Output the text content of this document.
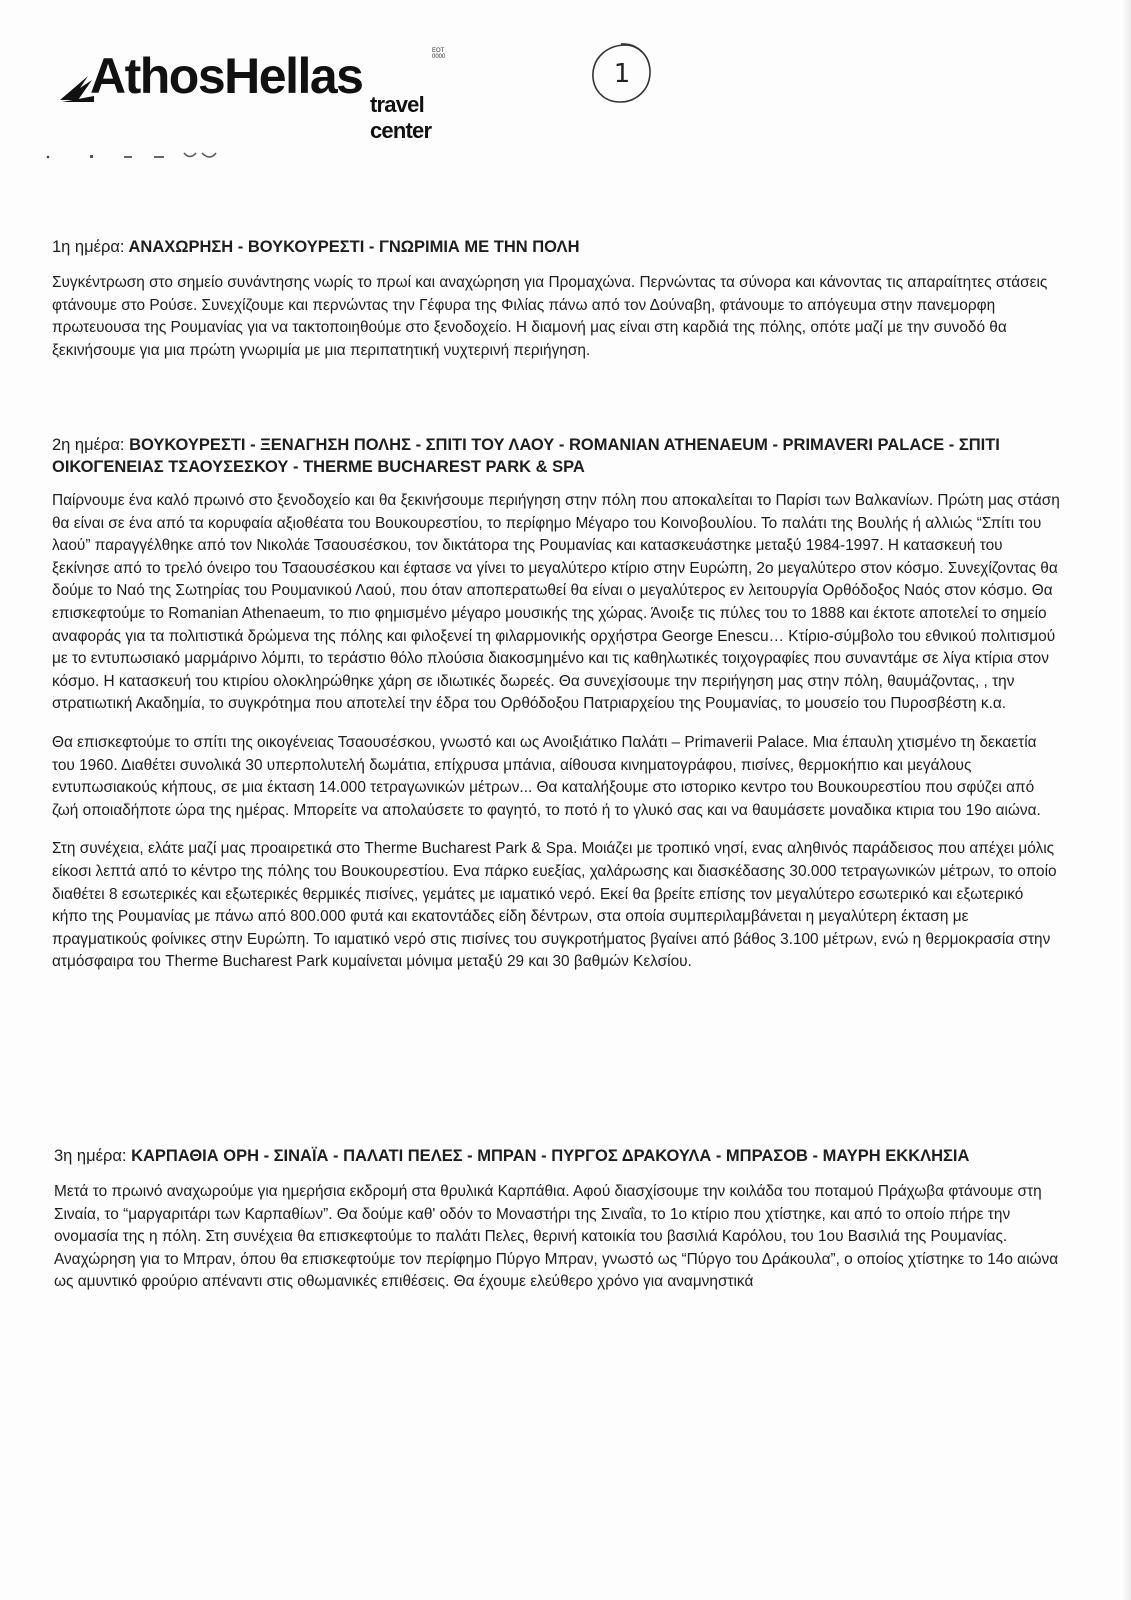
AthosHellas	ΕΟΤ 0000
travel center
1
1η ημέρα: ΑΝΑΧΩΡΗΣΗ - ΒΟΥΚΟΥΡΕΣΤΙ - ΓΝΩΡΙΜΙΑ ΜΕ ΤΗΝ ΠΟΛΗ

Συγκέντρωση στο σημείο συνάντησης νωρίς το πρωί και αναχώρηση για Προμαχώνα. Περνώντας τα σύνορα και κάνοντας τις απαραίτητες στάσεις φτάνουμε στο Ρούσε. Συνεχίζουμε και περνώντας την Γέφυρα της Φιλίας πάνω από τον Δούναβη, φτάνουμε το απόγευμα στην πανεμορφη πρωτευουσα της Ρουμανίας για να τακτοποιηθούμε στο ξενοδοχείο. Η διαμονή μας είναι στη καρδιά της πόλης, οπότε μαζί με την συνοδό θα ξεκινήσουμε για μια πρώτη γνωριμία με μια περιπατητική νυχτερινή περιήγηση.

2η ημέρα: ΒΟΥΚΟΥΡΕΣΤΙ - ΞΕΝΑΓΗΣΗ ΠΟΛΗΣ - ΣΠΙΤΙ ΤΟΥ ΛΑΟΥ - ROMANIAN ATHENAEUM - PRIMAVERI PALACE - ΣΠΙΤΙ ΟΙΚΟΓΕΝΕΙΑΣ ΤΣΑΟΥΣΕΣΚΟΥ - THERME BUCHAREST PARK & SPA

Παίρνουμε ένα καλό πρωινό στο ξενοδοχείο και θα ξεκινήσουμε περιήγηση στην πόλη που αποκαλείται το Παρίσι των Βαλκανίων. Πρώτη μας στάση θα είναι σε ένα από τα κορυφαία αξιοθέατα του Βουκουρεστίου, το περίφημο Μέγαρο του Κοινοβουλίου. Το παλάτι της Βουλής ή αλλιώς “Σπίτι του λαού” παραγγέλθηκε από τον Νικολάε Τσαουσέσκου, τον δικτάτορα της Ρουμανίας και κατασκευάστηκε μεταξύ 1984-1997. Η κατασκευή του ξεκίνησε από το τρελό όνειρο του Τσαουσέσκου και έφτασε να γίνει το μεγαλύτερο κτίριο στην Ευρώπη, 2ο μεγαλύτερο στον κόσμο. Συνεχίζοντας θα δούμε το Ναό της Σωτηρίας του Ρουμανικού Λαού, που όταν αποπερατωθεί θα είναι ο μεγαλύτερος εν λειτουργία Ορθόδοξος Ναός στον κόσμο. Θα επισκεφτούμε το Romanian Athenaeum, το πιο φημισμένο μέγαρο μουσικής της χώρας. Άνοιξε τις πύλες του το 1888 και έκτοτε αποτελεί το σημείο αναφοράς για τα πολιτιστικά δρώμενα της πόλης και φιλοξενεί τη φιλαρμονικής ορχήστρα George Enescu… Κτίριο-σύμβολο του εθνικού πολιτισμού με το εντυπωσιακό μαρμάρινο λόμπι, το τεράστιο θόλο πλούσια διακοσμημένο και τις καθηλωτικές τοιχογραφίες που συναντάμε σε λίγα κτίρια στον κόσμο. Η κατασκευή του κτιρίου ολοκληρώθηκε χάρη σε ιδιωτικές δωρεές. Θα συνεχίσουμε την περιήγηση μας στην πόλη, θαυμάζοντας, , την στρατιωτική Ακαδημία, το συγκρότημα που αποτελεί την έδρα του Ορθόδοξου Πατριαρχείου της Ρουμανίας, το μουσείο του Πυροσβέστη κ.α.

Θα επισκεφτούμε το σπίτι της οικογένειας Τσαουσέσκου, γνωστό και ως Ανοιξιάτικο Παλάτι – Primaverii Palace. Μια έπαυλη χτισμένο τη δεκαετία του 1960. Διαθέτει συνολικά 30 υπερπολυτελή δωμάτια, επίχρυσα μπάνια, αίθουσα κινηματογράφου, πισίνες, θερμοκήπιο και μεγάλους εντυπωσιακούς κήπους, σε μια έκταση 14.000 τετραγωνικών μέτρων... Θα καταλήξουμε στο ιστορικο κεντρο του Βουκουρεστίου που σφύζει από ζωή οποιαδήποτε ώρα της ημέρας. Μπορείτε να απολαύσετε το φαγητό, το ποτό ή το γλυκό σας και να θαυμάσετε μοναδικα κτιρια του 19ο αιώνα.

Στη συνέχεια, ελάτε μαζί μας προαιρετικά στο Therme Bucharest Park & Spa. Μοιάζει με τροπικό νησί, ενας αληθινός παράδεισος που απέχει μόλις είκοσι λεπτά από το κέντρο της πόλης του Βουκουρεστίου. Ενα πάρκο ευεξίας, χαλάρωσης και διασκέδασης 30.000 τετραγωνικών μέτρων, το οποίο διαθέτει 8 εσωτερικές και εξωτερικές θερμικές πισίνες, γεμάτες με ιαματικό νερό. Εκεί θα βρείτε επίσης τον μεγαλύτερο εσωτερικό και εξωτερικό κήπο της Ρουμανίας με πάνω από 800.000 φυτά και εκατοντάδες είδη δέντρων, στα οποία συμπεριλαμβάνεται η μεγαλύτερη έκταση με πραγματικούς φοίνικες στην Ευρώπη. Το ιαματικό νερό στις πισίνες του συγκροτήματος βγαίνει από βάθος 3.100 μέτρων, ενώ η θερμοκρασία στην ατμόσφαιρα του Therme Bucharest Park κυμαίνεται μόνιμα μεταξύ 29 και 30 βαθμών Κελσίου.

3η ημέρα: ΚΑΡΠΑΘΙΑ ΟΡΗ - ΣΙΝΑΪΑ - ΠΑΛΑΤΙ ΠΕΛΕΣ - ΜΠΡΑΝ - ΠΥΡΓΟΣ ΔΡΑΚΟΥΛΑ - ΜΠΡΑΣΟΒ - ΜΑΥΡΗ ΕΚΚΛΗΣΙΑ

Μετά το πρωινό αναχωρούμε για ημερήσια εκδρομή στα θρυλικά Καρπάθια. Αφού διασχίσουμε την κοιλάδα του ποταμού Πράχωβα φτάνουμε στη Σιναία, το “μαργαριτάρι των Καρπαθίων”. Θα δούμε καθ' οδόν το Μοναστήρι της Σιναΐα, το 1ο κτίριο που χτίστηκε, και από το οποίο πήρε την ονομασία της η πόλη. Στη συνέχεια θα επισκεφτούμε το παλάτι Πελες, θερινή κατοικία του βασιλιά Καρόλου, του 1ου Βασιλιά της Ρουμανίας. Αναχώρηση για το Μπραν, όπου θα επισκεφτούμε τον περίφημο Πύργο Μπραν, γνωστό ως “Πύργο του Δράκουλα”, ο οποίος χτίστηκε το 14ο αιώνα ως αμυντικό φρούριο απέναντι στις οθωμανικές επιθέσεις. Θα έχουμε ελεύθερο χρόνο για αναμνηστικά
